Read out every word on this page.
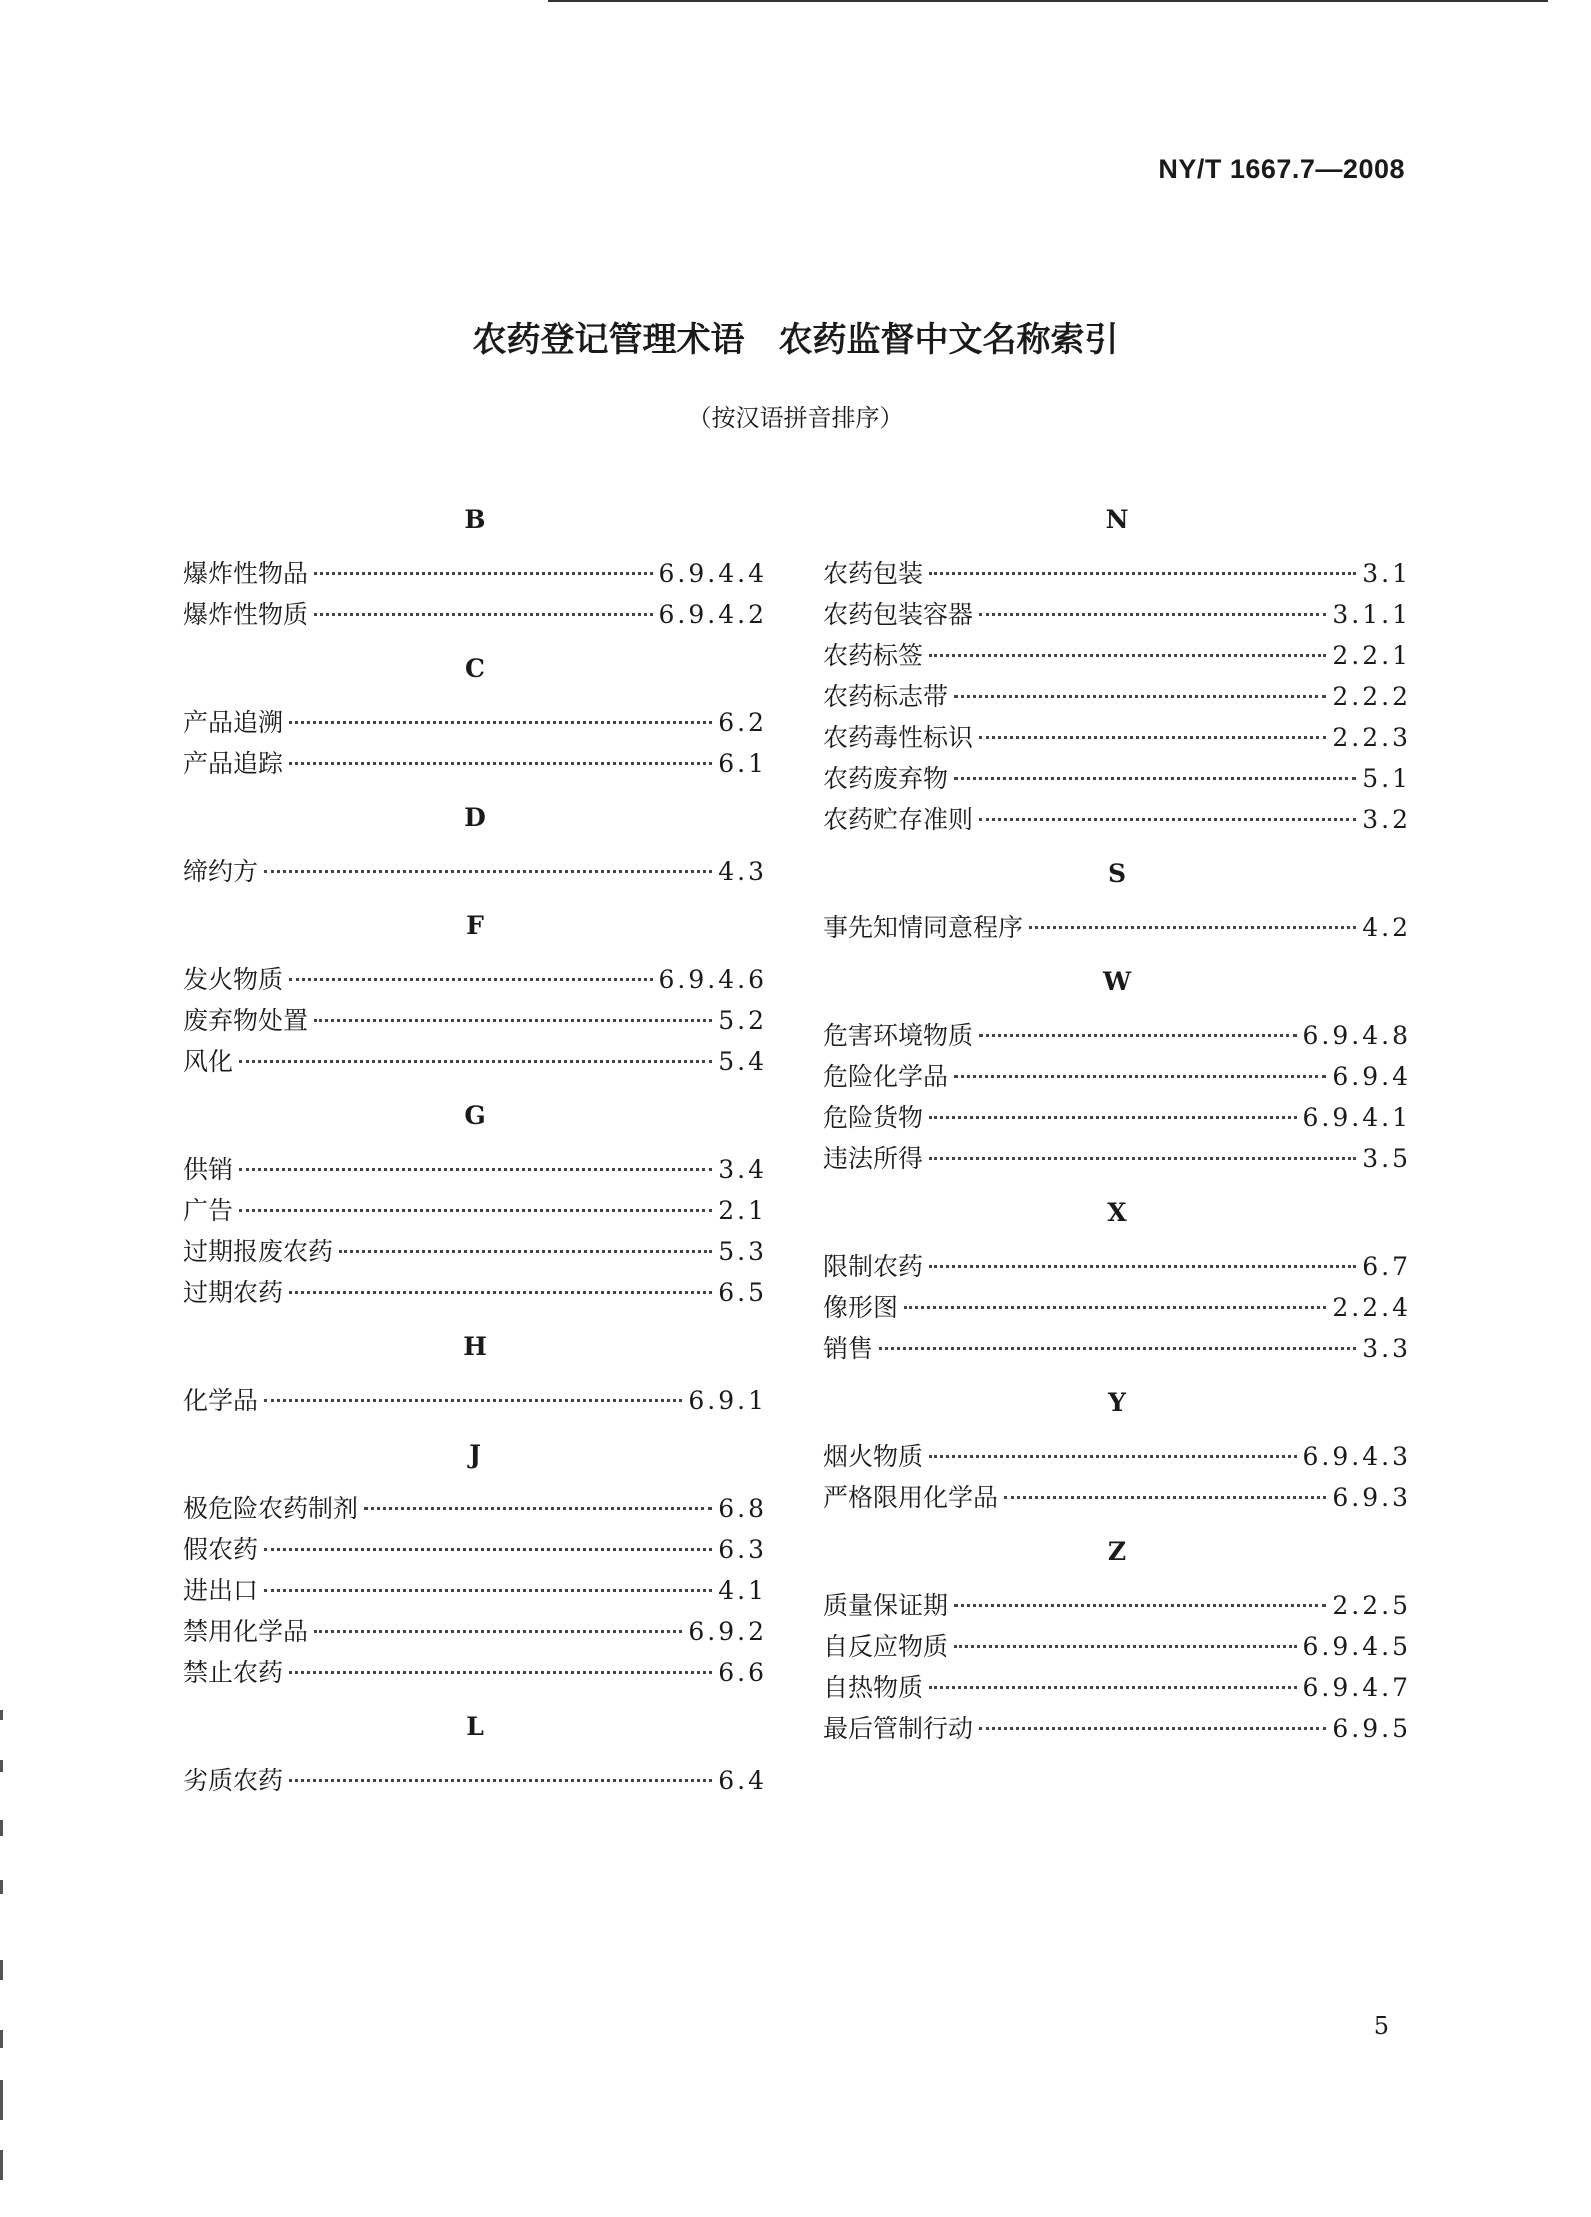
NY/T 1667.7—2008
农药登记管理术语　农药监督中文名称索引
（按汉语拼音排序）
B
爆炸性物品	6.9.4.4
爆炸性物质	6.9.4.2
C
产品追溯	6.2
产品追踪	6.1
D
缔约方	4.3
F
发火物质	6.9.4.6
废弃物处置	5.2
风化	5.4
G
供销	3.4
广告	2.1
过期报废农药	5.3
过期农药	6.5
H
化学品	6.9.1
J
极危险农药制剂	6.8
假农药	6.3
进出口	4.1
禁用化学品	6.9.2
禁止农药	6.6
L
劣质农药	6.4
N
农药包装	3.1
农药包装容器	3.1.1
农药标签	2.2.1
农药标志带	2.2.2
农药毒性标识	2.2.3
农药废弃物	5.1
农药贮存准则	3.2
S
事先知情同意程序	4.2
W
危害环境物质	6.9.4.8
危险化学品	6.9.4
危险货物	6.9.4.1
违法所得	3.5
X
限制农药	6.7
像形图	2.2.4
销售	3.3
Y
烟火物质	6.9.4.3
严格限用化学品	6.9.3
Z
质量保证期	2.2.5
自反应物质	6.9.4.5
自热物质	6.9.4.7
最后管制行动	6.9.5
5
